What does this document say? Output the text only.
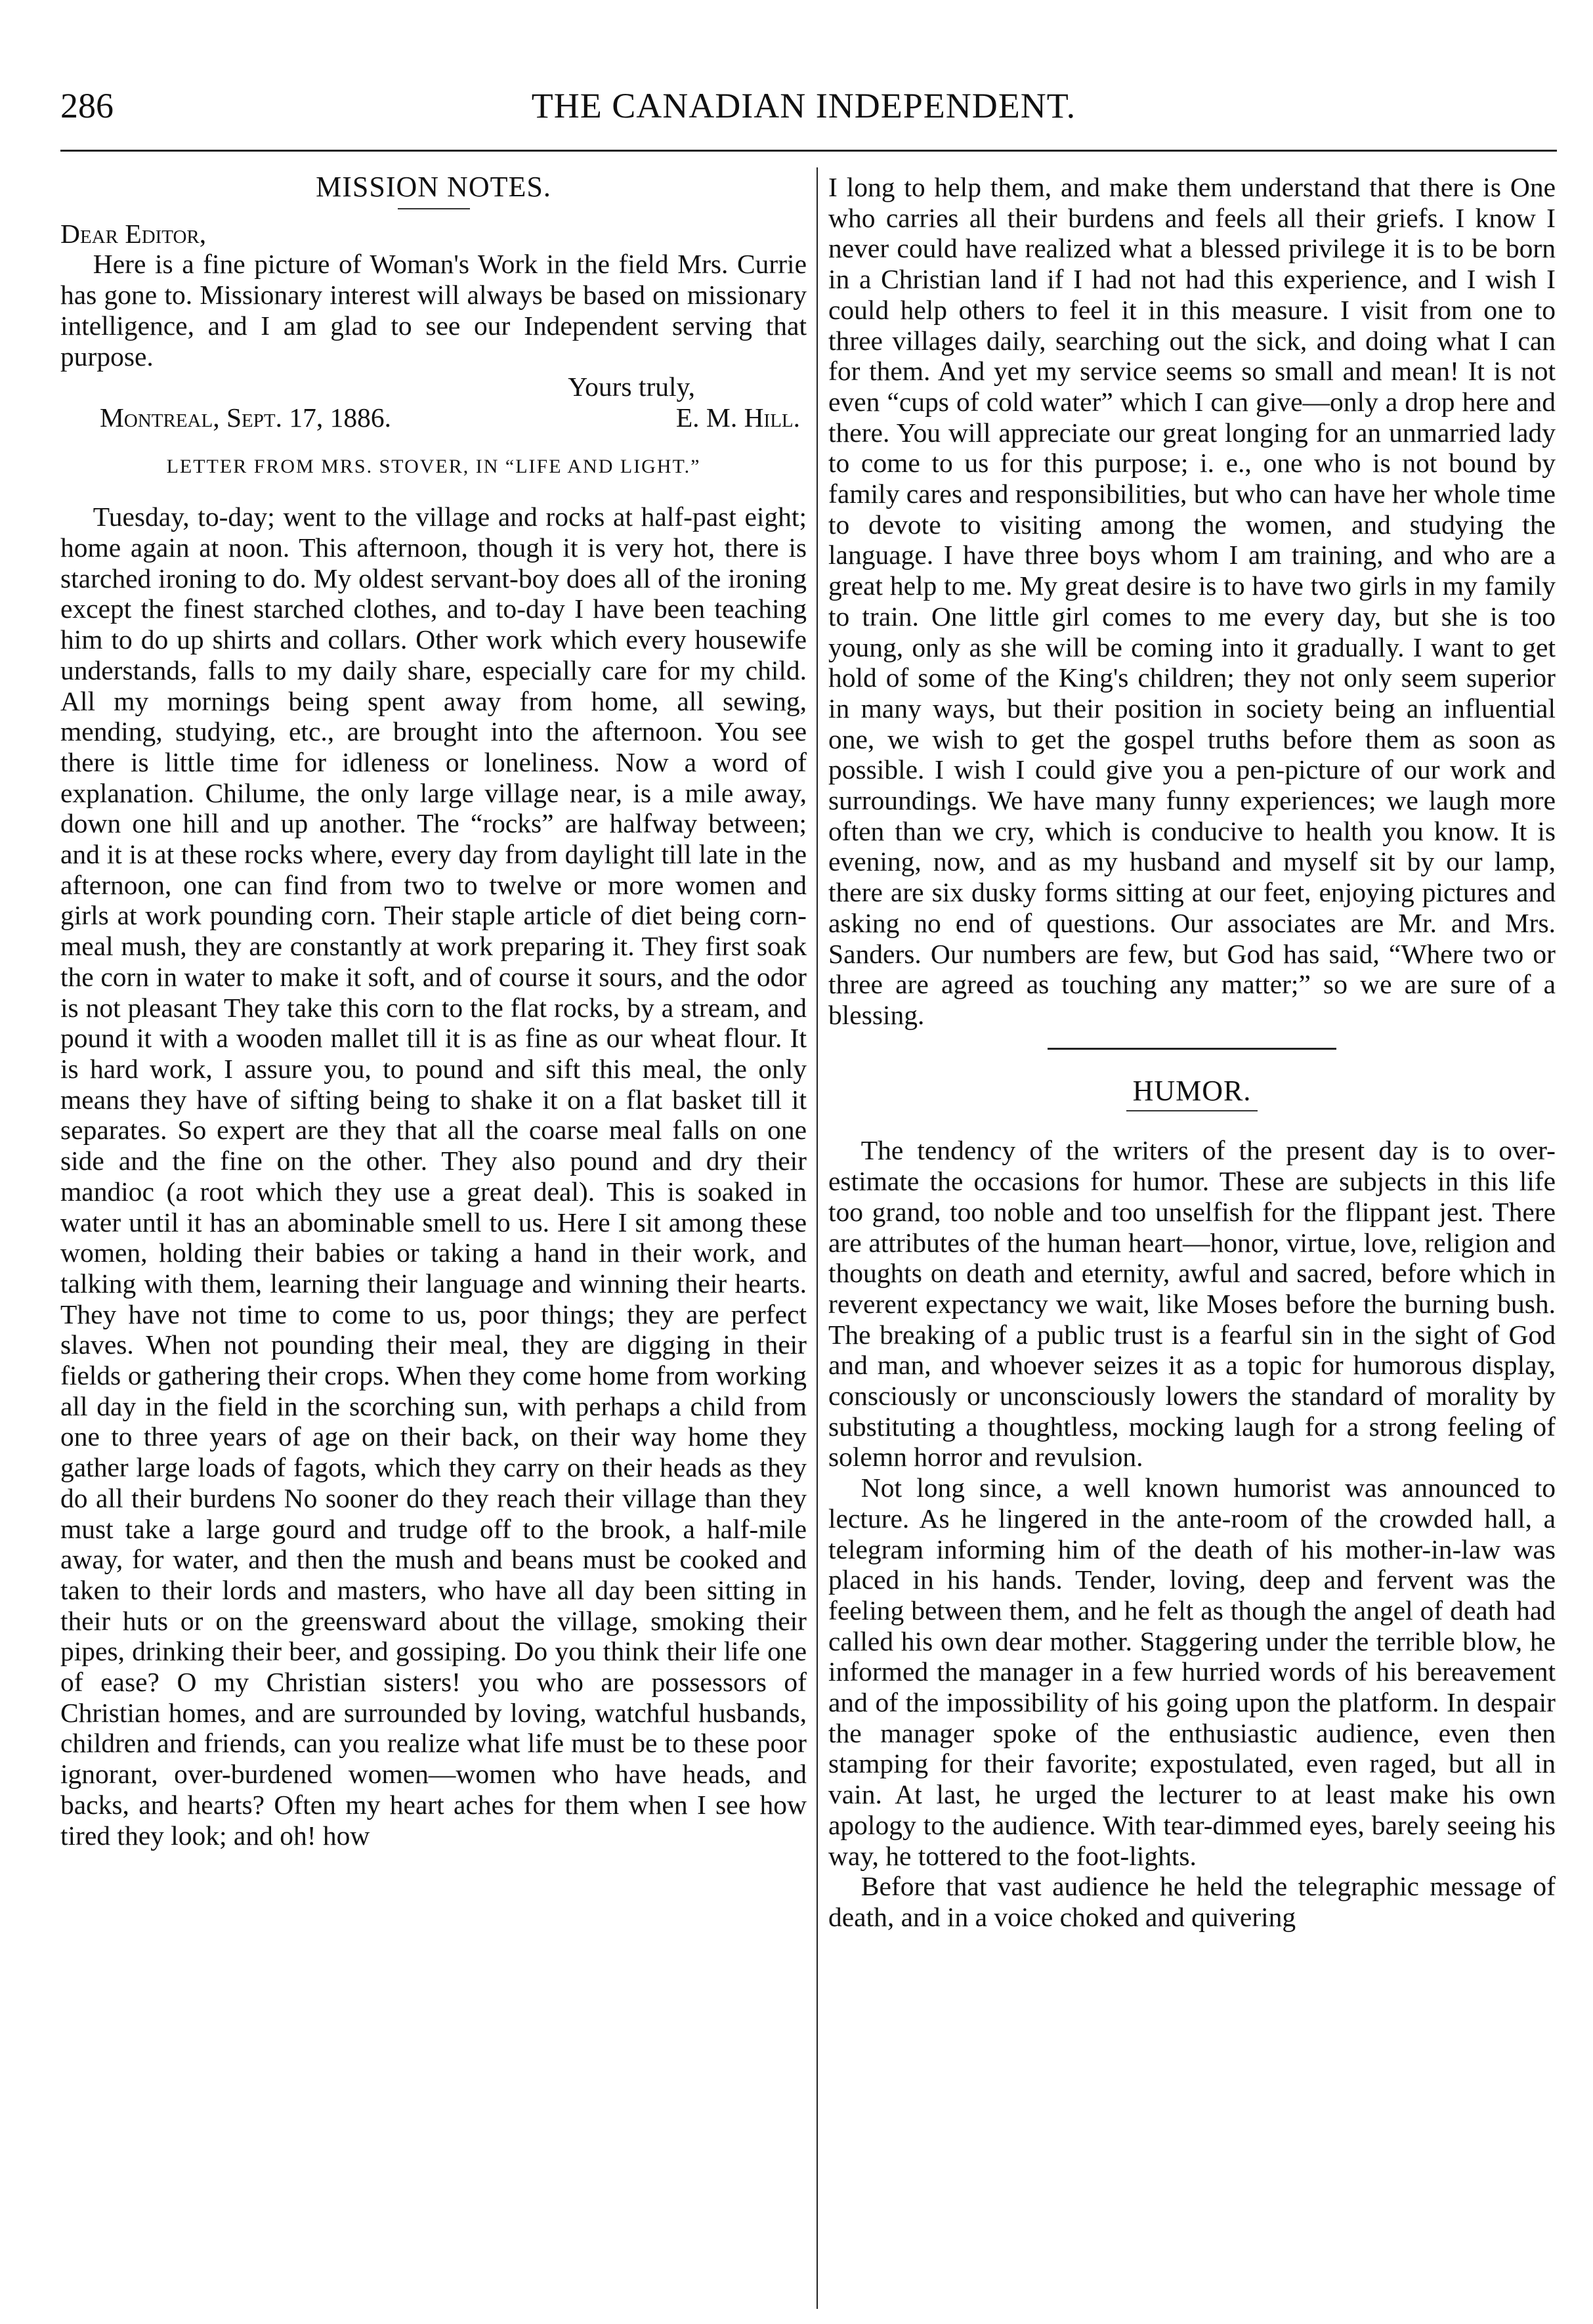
286	THE CANADIAN INDEPENDENT.

MISSION NOTES.

Dear Editor,

Here is a fine picture of Woman's Work in the field Mrs. Currie has gone to. Missionary interest will always be based on missionary intelligence, and I am glad to see our Independent serving that purpose.

Yours truly,

Montreal, Sept. 17, 1886.	E. M. Hill.

LETTER FROM MRS. STOVER, IN “LIFE AND LIGHT.”

Tuesday, to-day; went to the village and rocks at half-past eight; home again at noon. This afternoon, though it is very hot, there is starched ironing to do. My oldest servant-boy does all of the ironing except the finest starched clothes, and to-day I have been teaching him to do up shirts and collars. Other work which every housewife understands, falls to my daily share, especially care for my child. All my mornings being spent away from home, all sewing, mending, studying, etc., are brought into the afternoon. You see there is little time for idleness or loneliness. Now a word of explanation. Chilume, the only large village near, is a mile away, down one hill and up another. The “rocks” are halfway between; and it is at these rocks where, every day from daylight till late in the afternoon, one can find from two to twelve or more women and girls at work pounding corn. Their staple article of diet being corn-meal mush, they are constantly at work preparing it. They first soak the corn in water to make it soft, and of course it sours, and the odor is not pleasant They take this corn to the flat rocks, by a stream, and pound it with a wooden mallet till it is as fine as our wheat flour. It is hard work, I assure you, to pound and sift this meal, the only means they have of sifting being to shake it on a flat basket till it separates. So expert are they that all the coarse meal falls on one side and the fine on the other. They also pound and dry their mandioc (a root which they use a great deal). This is soaked in water until it has an abominable smell to us. Here I sit among these women, holding their babies or taking a hand in their work, and talking with them, learning their language and winning their hearts. They have not time to come to us, poor things; they are perfect slaves. When not pounding their meal, they are digging in their fields or gathering their crops. When they come home from working all day in the field in the scorching sun, with perhaps a child from one to three years of age on their back, on their way home they gather large loads of fagots, which they carry on their heads as they do all their burdens No sooner do they reach their village than they must take a large gourd and trudge off to the brook, a half-mile away, for water, and then the mush and beans must be cooked and taken to their lords and masters, who have all day been sitting in their huts or on the greensward about the village, smoking their pipes, drinking their beer, and gossiping. Do you think their life one of ease? O my Christian sisters! you who are possessors of Christian homes, and are surrounded by loving, watchful husbands, children and friends, can you realize what life must be to these poor ignorant, over-burdened women—women who have heads, and backs, and hearts? Often my heart aches for them when I see how tired they look; and oh! how

I long to help them, and make them understand that there is One who carries all their burdens and feels all their griefs. I know I never could have realized what a blessed privilege it is to be born in a Christian land if I had not had this experience, and I wish I could help others to feel it in this measure. I visit from one to three villages daily, searching out the sick, and doing what I can for them. And yet my service seems so small and mean! It is not even “cups of cold water” which I can give—only a drop here and there. You will appreciate our great longing for an unmarried lady to come to us for this purpose; i. e., one who is not bound by family cares and responsibilities, but who can have her whole time to devote to visiting among the women, and studying the language. I have three boys whom I am training, and who are a great help to me. My great desire is to have two girls in my family to train. One little girl comes to me every day, but she is too young, only as she will be coming into it gradually. I want to get hold of some of the King's children; they not only seem superior in many ways, but their position in society being an influential one, we wish to get the gospel truths before them as soon as possible. I wish I could give you a pen-picture of our work and surroundings. We have many funny experiences; we laugh more often than we cry, which is conducive to health you know. It is evening, now, and as my husband and myself sit by our lamp, there are six dusky forms sitting at our feet, enjoying pictures and asking no end of questions. Our associates are Mr. and Mrs. Sanders. Our numbers are few, but God has said, “Where two or three are agreed as touching any matter;” so we are sure of a blessing.

HUMOR.

The tendency of the writers of the present day is to over-estimate the occasions for humor. These are subjects in this life too grand, too noble and too unselfish for the flippant jest. There are attributes of the human heart—honor, virtue, love, religion and thoughts on death and eternity, awful and sacred, before which in reverent expectancy we wait, like Moses before the burning bush. The breaking of a public trust is a fearful sin in the sight of God and man, and whoever seizes it as a topic for humorous display, consciously or unconsciously lowers the standard of morality by substituting a thoughtless, mocking laugh for a strong feeling of solemn horror and revulsion.

Not long since, a well known humorist was announced to lecture. As he lingered in the ante-room of the crowded hall, a telegram informing him of the death of his mother-in-law was placed in his hands. Tender, loving, deep and fervent was the feeling between them, and he felt as though the angel of death had called his own dear mother. Staggering under the terrible blow, he informed the manager in a few hurried words of his bereavement and of the impossibility of his going upon the platform. In despair the manager spoke of the enthusiastic audience, even then stamping for their favorite; expostulated, even raged, but all in vain. At last, he urged the lecturer to at least make his own apology to the audience. With tear-dimmed eyes, barely seeing his way, he tottered to the foot-lights.

Before that vast audience he held the telegraphic message of death, and in a voice choked and quivering
